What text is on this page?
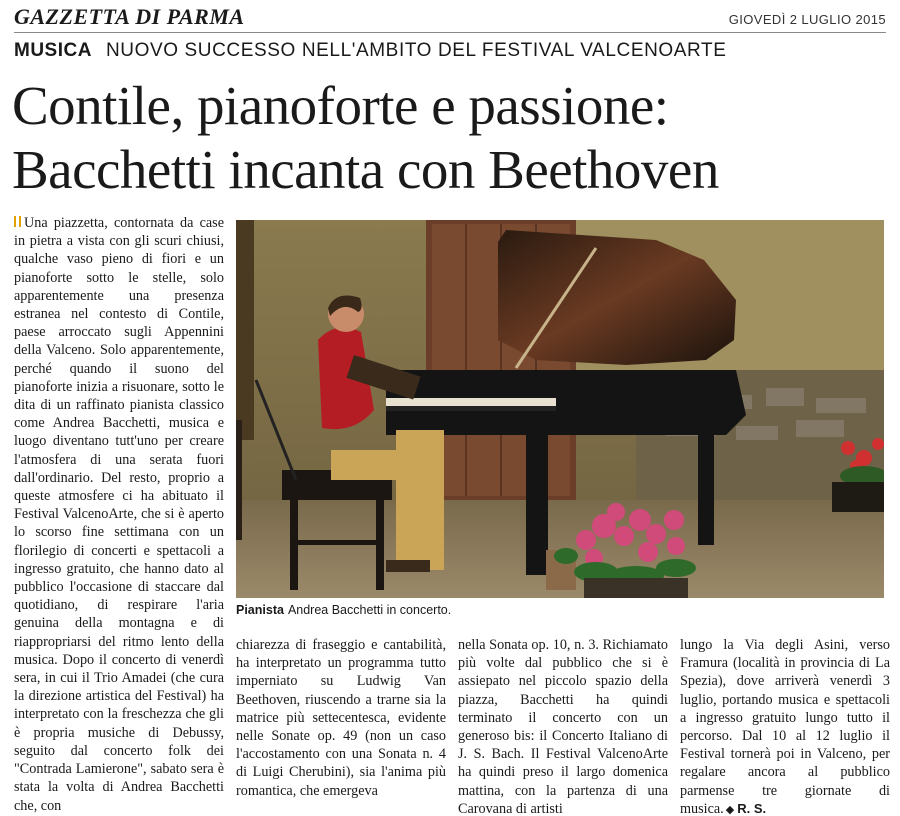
GAZZETTA DI PARMA	GIOVEDÌ 2 LUGLIO 2015
MUSICA NUOVO SUCCESSO NELL'AMBITO DEL FESTIVAL VALCENOARTE
Contile, pianoforte e passione:
Bacchetti incanta con Beethoven
Una piazzetta, contornata da case in pietra a vista con gli scuri chiusi, qualche vaso pieno di fiori e un pianoforte sotto le stelle, solo apparentemente una presenza estranea nel contesto di Contile, paese arroccato sugli Appennini della Valceno. Solo apparentemente, perché quando il suono del pianoforte inizia a risuonare, sotto le dita di un raffinato pianista classico come Andrea Bacchetti, musica e luogo diventano tutt'uno per creare l'atmosfera di una serata fuori dall'ordinario. Del resto, proprio a queste atmosfere ci ha abituato il Festival ValcenoArte, che si è aperto lo scorso fine settimana con un florilegio di concerti e spettacoli a ingresso gratuito, che hanno dato al pubblico l'occasione di staccare dal quotidiano, di respirare l'aria genuina della montagna e di riappropriarsi del ritmo lento della musica. Dopo il concerto di venerdì sera, in cui il Trio Amadei (che cura la direzione artistica del Festival) ha interpretato con la freschezza che gli è propria musiche di Debussy, seguito dal concerto folk dei "Contrada Lamierone", sabato sera è stata la volta di Andrea Bacchetti che, con
Pianista Andrea Bacchetti in concerto.
chiarezza di fraseggio e cantabilità, ha interpretato un programma tutto imperniato su Ludwig Van Beethoven, riuscendo a trarne sia la matrice più settecentesca, evidente nelle Sonate op. 49 (non un caso l'accostamento con una Sonata n. 4 di Luigi Cherubini), sia l'anima più romantica, che emergeva
nella Sonata op. 10, n. 3. Richiamato più volte dal pubblico che si è assiepato nel piccolo spazio della piazza, Bacchetti ha quindi terminato il concerto con un generoso bis: il Concerto Italiano di J. S. Bach. Il Festival ValcenoArte ha quindi preso il largo domenica mattina, con la partenza di una Carovana di artisti
lungo la Via degli Asini, verso Framura (località in provincia di La Spezia), dove arriverà venerdì 3 luglio, portando musica e spettacoli a ingresso gratuito lungo tutto il percorso. Dal 10 al 12 luglio il Festival tornerà poi in Valceno, per regalare ancora al pubblico parmense tre giornate di musica. ◆ R. S.
